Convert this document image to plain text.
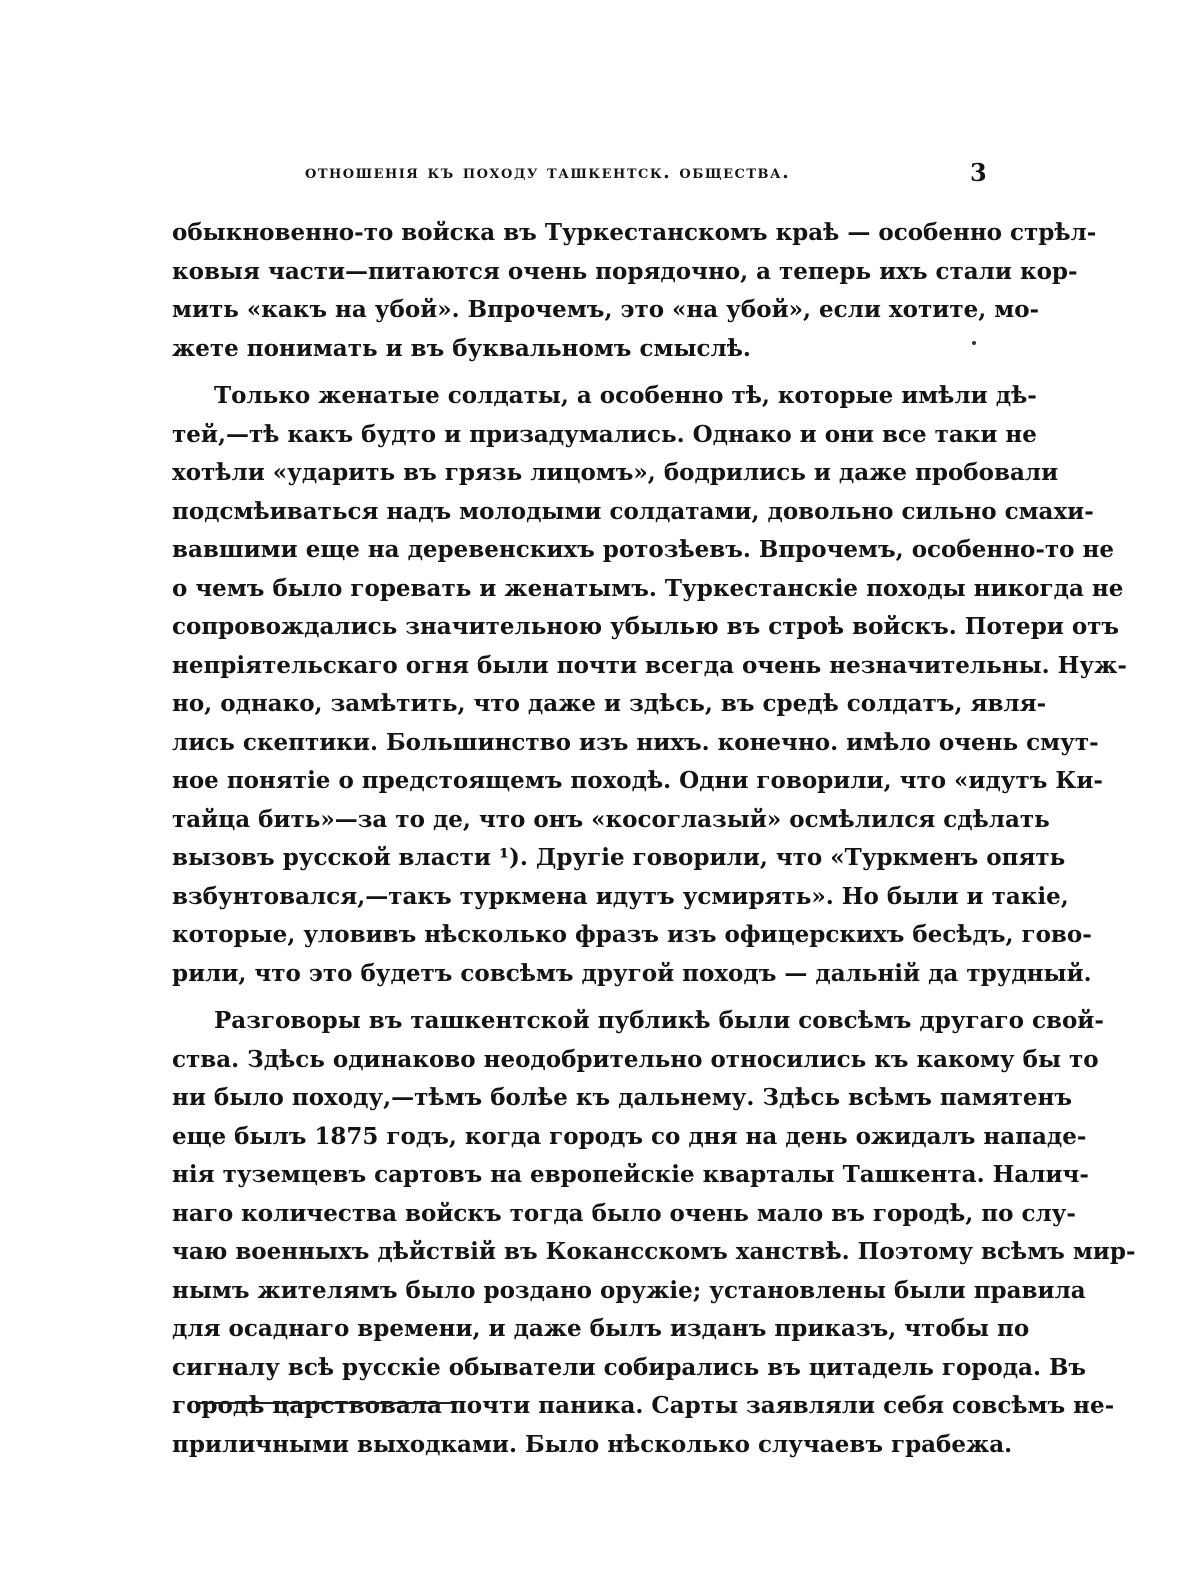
отношенія къ походу ташкентск. общества.	3
обыкновенно-то войска въ Туркестанскомъ краѣ — особенно стрѣл-
ковыя части—питаются очень порядочно, а теперь ихъ стали кор-
мить «какъ на убой». Впрочемъ, это «на убой», если хотите, мо-
жете понимать и въ буквальномъ смыслѣ.
Только женатые солдаты, а особенно тѣ, которые имѣли дѣ-
тей,—тѣ какъ будто и призадумались. Однако и они все таки не
хотѣли «ударить въ грязь лицомъ», бодрились и даже пробовали
подсмѣиваться надъ молодыми солдатами, довольно сильно смахи-
вавшими еще на деревенскихъ ротозѣевъ. Впрочемъ, особенно-то не
о чемъ было горевать и женатымъ. Туркестанскіе походы никогда не
сопровождались значительною убылью въ строѣ войскъ. Потери отъ
непріятельскаго огня были почти всегда очень незначительны. Нуж-
но, однако, замѣтить, что даже и здѣсь, въ средѣ солдатъ, явля-
лись скептики. Большинство изъ нихъ. конечно. имѣло очень смут-
ное понятіе о предстоящемъ походѣ. Одни говорили, что «идутъ Ки-
тайца бить»—за то де, что онъ «косоглазый» осмѣлился сдѣлать
вызовъ русской власти ¹). Другіе говорили, что «Туркменъ опять
взбунтовался,—такъ туркмена идутъ усмирять». Но были и такіе,
которые, уловивъ нѣсколько фразъ изъ офицерскихъ бесѣдъ, гово-
рили, что это будетъ совсѣмъ другой походъ — дальній да трудный.
Разговоры въ ташкентской публикѣ были совсѣмъ другаго свой-
ства. Здѣсь одинаково неодобрительно относились къ какому бы то
ни было походу,—тѣмъ болѣе къ дальнему. Здѣсь всѣмъ памятенъ
еще былъ 1875 годъ, когда городъ со дня на день ожидалъ нападе-
нія туземцевъ сартовъ на европейскіе кварталы Ташкента. Налич-
наго количества войскъ тогда было очень мало въ городѣ, по слу-
чаю военныхъ дѣйствій въ Кокансскомъ ханствѣ. Поэтому всѣмъ мир-
нымъ жителямъ было роздано оружіе; установлены были правила
для осаднаго времени, и даже былъ изданъ приказъ, чтобы по
сигналу всѣ русскіе обыватели собирались въ цитадель города. Въ
городѣ царствовала почти паника. Сарты заявляли себя совсѣмъ не-
приличными выходками. Было нѣсколько случаевъ грабежа.
